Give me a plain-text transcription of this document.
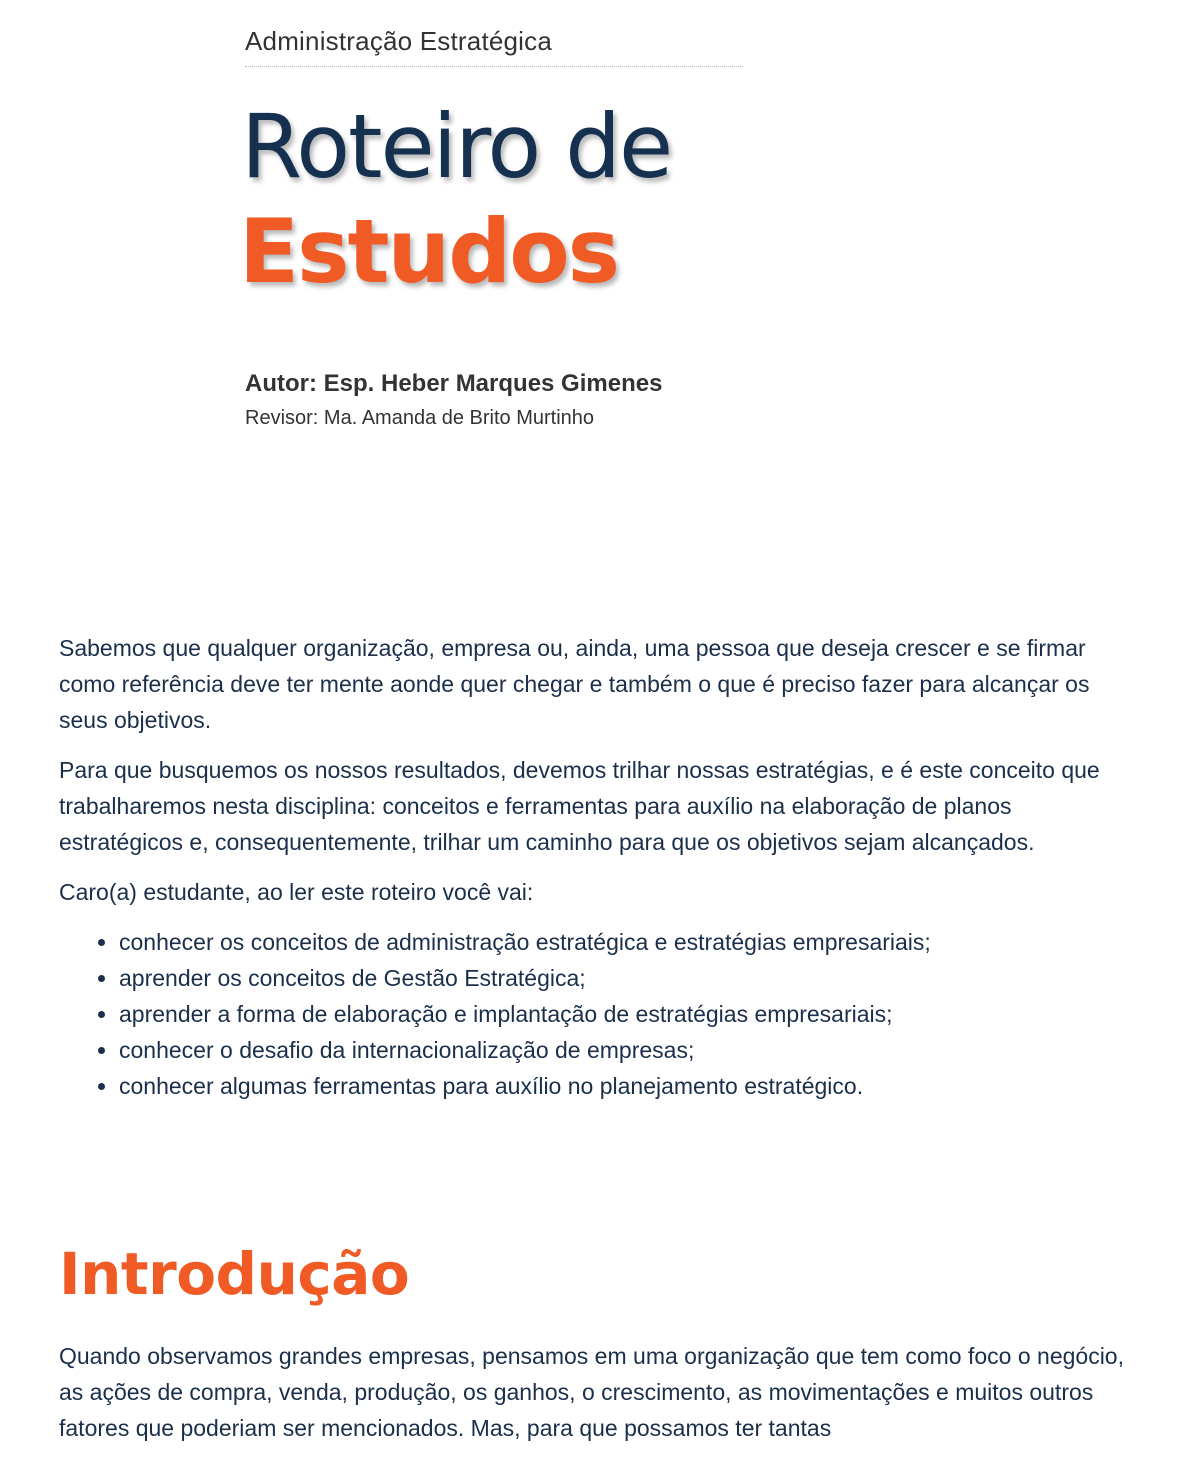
Administração Estratégica
Roteiro de
Estudos
Autor: Esp. Heber Marques Gimenes
Revisor: Ma. Amanda de Brito Murtinho

Sabemos que qualquer organização, empresa ou, ainda, uma pessoa que deseja crescer e se firmar como referência deve ter mente aonde quer chegar e também o que é preciso fazer para alcançar os seus objetivos.

Para que busquemos os nossos resultados, devemos trilhar nossas estratégias, e é este conceito que trabalharemos nesta disciplina: conceitos e ferramentas para auxílio na elaboração de planos estratégicos e, consequentemente, trilhar um caminho para que os objetivos sejam alcançados.

Caro(a) estudante, ao ler este roteiro você vai:

• conhecer os conceitos de administração estratégica e estratégias empresariais;
• aprender os conceitos de Gestão Estratégica;
• aprender a forma de elaboração e implantação de estratégias empresariais;
• conhecer o desafio da internacionalização de empresas;
• conhecer algumas ferramentas para auxílio no planejamento estratégico.
Introdução

Quando observamos grandes empresas, pensamos em uma organização que tem como foco o negócio, as ações de compra, venda, produção, os ganhos, o crescimento, as movimentações e muitos outros fatores que poderiam ser mencionados. Mas, para que possamos ter tantas
